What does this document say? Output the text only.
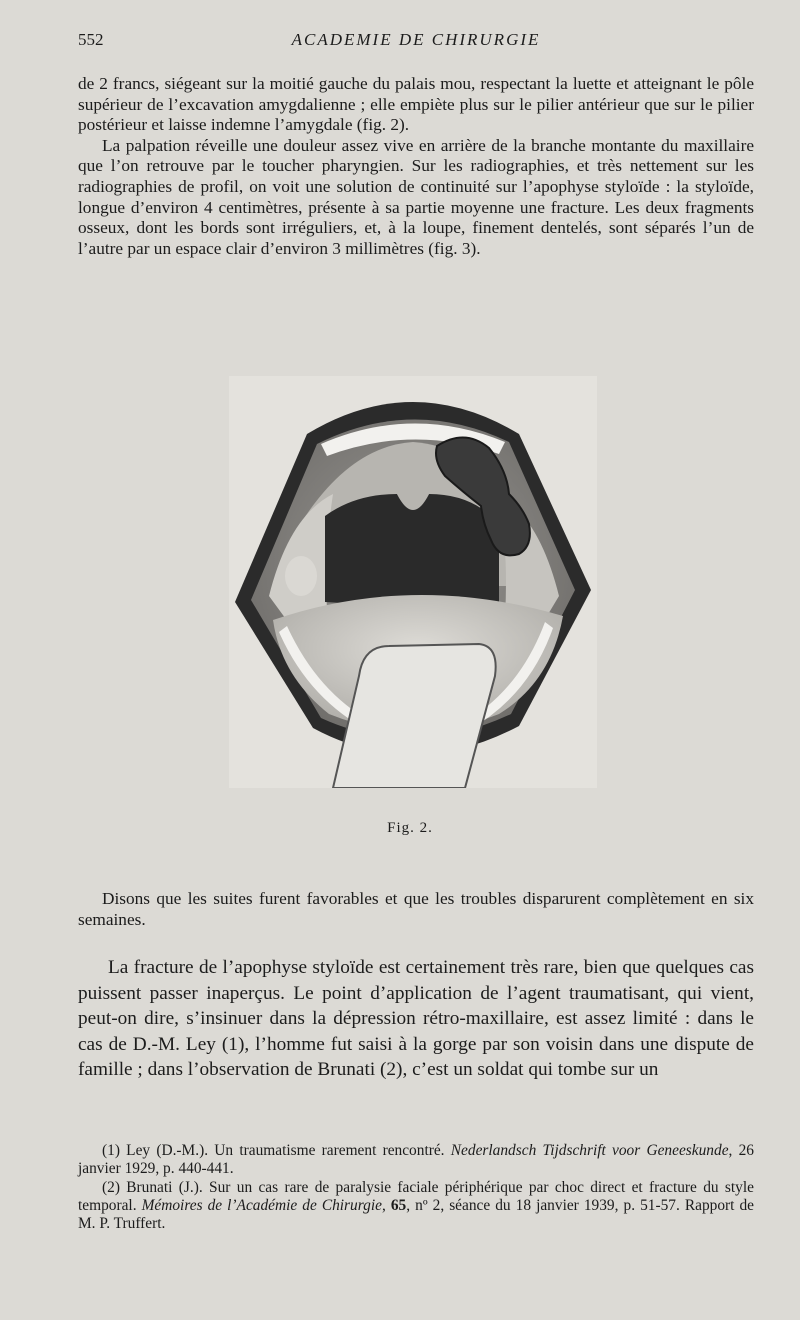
552	ACADEMIE DE CHIRURGIE

de 2 francs, siégeant sur la moitié gauche du palais mou, respectant la luette et atteignant le pôle supérieur de l’excavation amygdalienne ; elle empiète plus sur le pilier antérieur que sur le pilier postérieur et laisse indemne l’amygdale (fig. 2).

La palpation réveille une douleur assez vive en arrière de la branche montante du maxillaire que l’on retrouve par le toucher pharyngien. Sur les radiographies, et très nettement sur les radiographies de profil, on voit une solution de continuité sur l’apophyse styloïde : la styloïde, longue d’environ 4 centimètres, présente à sa partie moyenne une fracture. Les deux fragments osseux, dont les bords sont irréguliers, et, à la loupe, finement dentelés, sont séparés l’un de l’autre par un espace clair d’environ 3 millimètres (fig. 3).

Fig. 2.

Disons que les suites furent favorables et que les troubles disparurent complètement en six semaines.

La fracture de l’apophyse styloïde est certainement très rare, bien que quelques cas puissent passer inaperçus. Le point d’application de l’agent traumatisant, qui vient, peut-on dire, s’insinuer dans la dépression rétro-maxillaire, est assez limité : dans le cas de D.-M. Ley (1), l’homme fut saisi à la gorge par son voisin dans une dispute de famille ; dans l’observation de Brunati (2), c’est un soldat qui tombe sur un

(1) Ley (D.-M.). Un traumatisme rarement rencontré. Nederlandsch Tijdschrift voor Geneeskunde, 26 janvier 1929, p. 440-441.

(2) Brunati (J.). Sur un cas rare de paralysie faciale périphérique par choc direct et fracture du style temporal. Mémoires de l’Académie de Chirurgie, 65, nº 2, séance du 18 janvier 1939, p. 51-57. Rapport de M. P. Truffert.
